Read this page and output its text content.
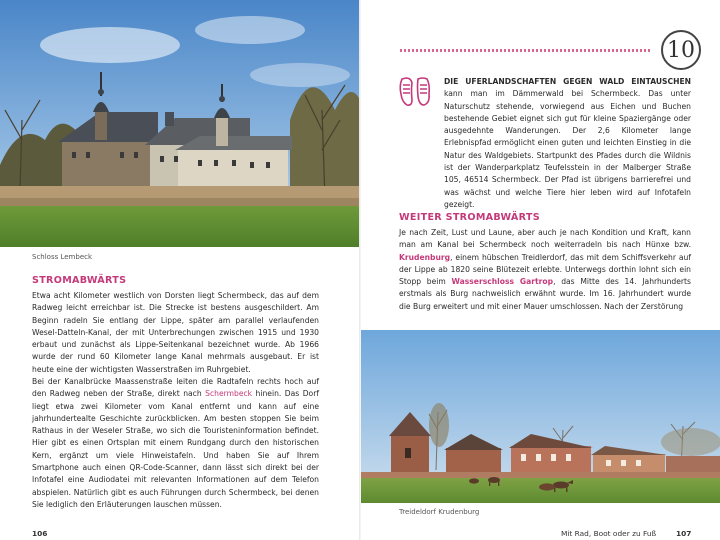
Schloss Lembeck
STROMABWÄRTS

Etwa acht Kilometer westlich von Dorsten liegt Schermbeck, das auf dem Radweg leicht erreichbar ist. Die Strecke ist bestens ausgeschildert. Am Beginn radeln Sie entlang der Lippe, später am parallel verlaufenden Wesel-Datteln-Kanal, der mit Unterbrechungen zwischen 1915 und 1930 erbaut und zunächst als Lippe-Seitenkanal bezeichnet wurde. Ab 1966 wurde der rund 60 Kilometer lange Kanal mehrmals ausgebaut. Er ist heute eine der wichtigsten Wasserstraßen im Ruhrgebiet.

Bei der Kanalbrücke Maassenstraße leiten die Radtafeln rechts hoch auf den Radweg neben der Straße, direkt nach Schermbeck hinein. Das Dorf liegt etwa zwei Kilometer vom Kanal entfernt und kann auf eine jahrhundertealte Geschichte zurückblicken. Am besten stoppen Sie beim Rathaus in der Weseler Straße, wo sich die Touristeninformation befindet. Hier gibt es einen Ortsplan mit einem Rundgang durch den historischen Kern, ergänzt um viele Hinweistafeln. Und haben Sie auf Ihrem Smartphone auch einen QR-Code-Scanner, dann lässt sich direkt bei der Infotafel eine Audiodatei mit relevanten Informationen auf dem Telefon abspielen. Natürlich gibt es auch Führungen durch Schermbeck, bei denen Sie lediglich den Erläuterungen lauschen müssen.

106
10

DIE UFERLANDSCHAFTEN GEGEN WALD EINTAUSCHEN kann man im Dämmerwald bei Schermbeck. Das unter Naturschutz stehende, vorwiegend aus Eichen und Buchen bestehende Gebiet eignet sich gut für kleine Spaziergänge oder ausgedehnte Wanderungen. Der 2,6 Kilometer lange Erlebnispfad ermöglicht einen guten und leichten Einstieg in die Natur des Waldgebiets. Startpunkt des Pfades durch die Wildnis ist der Wanderparkplatz Teufelsstein in der Malberger Straße 105, 46514 Schermbeck. Der Pfad ist übrigens barrierefrei und was wächst und welche Tiere hier leben wird auf Infotafeln gezeigt.

WEITER STROMABWÄRTS

Je nach Zeit, Lust und Laune, aber auch je nach Kondition und Kraft, kann man am Kanal bei Schermbeck noch weiterradeln bis nach Hünxe bzw. Krudenburg, einem hübschen Treidlerdorf, das mit dem Schiffsverkehr auf der Lippe ab 1820 seine Blütezeit erlebte. Unterwegs dorthin lohnt sich ein Stopp beim Wasserschloss Gartrop, das Mitte des 14. Jahrhunderts erstmals als Burg nachweislich erwähnt wurde. Im 16. Jahrhundert wurde die Burg erweitert und mit einer Mauer umschlossen. Nach der Zerstörung

Treideldorf Krudenburg
Mit Rad, Boot oder zu Fuß	107
